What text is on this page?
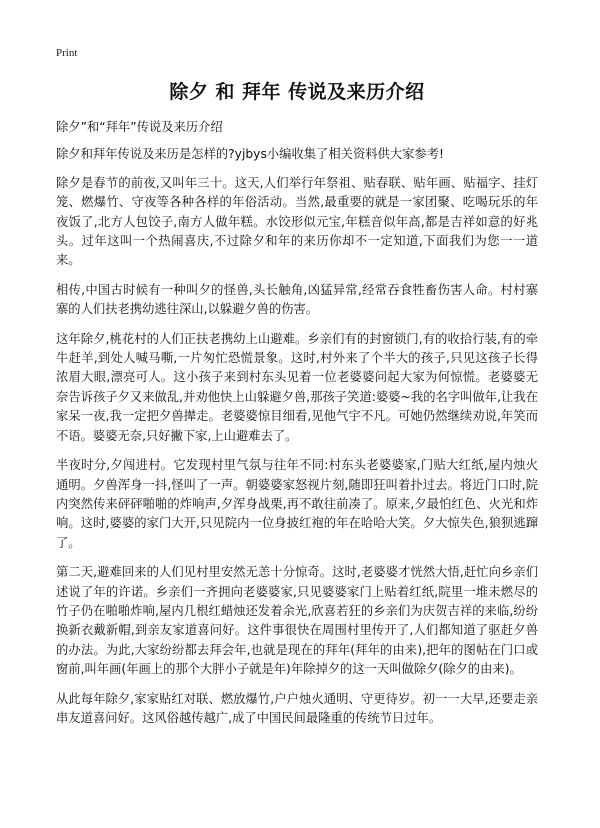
Print
除夕 和 拜年 传说及来历介绍

除夕”和“拜年”传说及来历介绍

除夕和拜年传说及来历是怎样的?yjbys小编收集了相关资料供大家参考!

除夕是春节的前夜,又叫年三十。这天,人们举行年祭祖、贴春联、贴年画、贴福字、挂灯笼、燃爆竹、守夜等各种各样的年俗活动。当然,最重要的就是一家团聚、吃喝玩乐的年夜饭了,北方人包饺子,南方人做年糕。水饺形似元宝,年糕音似年高,都是吉祥如意的好兆头。过年这叫一个热闹喜庆,不过除夕和年的来历你却不一定知道,下面我们为您一一道来。

相传,中国古时候有一种叫夕的怪兽,头长触角,凶猛异常,经常吞食牲畜伤害人命。村村寨寨的人们扶老携幼逃往深山,以躲避夕兽的伤害。

这年除夕,桃花村的人们正扶老携幼上山避难。乡亲们有的封窗锁门,有的收拾行装,有的牵牛赶羊,到处人喊马嘶,一片匆忙恐慌景象。这时,村外来了个半大的孩子,只见这孩子长得浓眉大眼,漂亮可人。这小孩子来到村东头见着一位老婆婆问起大家为何惊慌。老婆婆无奈告诉孩子夕又来做乱,并劝他快上山躲避夕兽,那孩子笑道:婆婆~我的名字叫做年,让我在家呆一夜,我一定把夕兽撵走。老婆婆惊目细看,见他气宇不凡。可她仍然继续劝说,年笑而不语。婆婆无奈,只好撇下家,上山避难去了。

半夜时分,夕闯进村。它发现村里气氛与往年不同:村东头老婆婆家,门贴大红纸,屋内烛火通明。夕兽浑身一抖,怪叫了一声。朝婆婆家怒视片刻,随即狂叫着扑过去。将近门口时,院内突然传来砰砰啪啪的炸响声,夕浑身战栗,再不敢往前凑了。原来,夕最怕红色、火光和炸响。这时,婆婆的家门大开,只见院内一位身披红袍的年在哈哈大笑。夕大惊失色,狼狈逃蹿了。

第二天,避难回来的人们见村里安然无恙十分惊奇。这时,老婆婆才恍然大悟,赶忙向乡亲们述说了年的许诺。乡亲们一齐拥向老婆婆家,只见婆婆家门上贴着红纸,院里一堆未燃尽的竹子仍在啪啪炸响,屋内几根红蜡烛还发着余光,欣喜若狂的乡亲们为庆贺吉祥的来临,纷纷换新衣戴新帽,到亲友家道喜问好。这件事很快在周围村里传开了,人们都知道了驱赶夕兽的办法。为此,大家纷纷都去拜会年,也就是现在的拜年(拜年的由来),把年的图帖在门口或窗前,叫年画(年画上的那个大胖小子就是年)年除掉夕的这一天叫做除夕(除夕的由来)。

从此每年除夕,家家贴红对联、燃放爆竹,户户烛火通明、守更待岁。初一一大早,还要走亲串友道喜问好。这风俗越传越广,成了中国民间最隆重的传统节日过年。
